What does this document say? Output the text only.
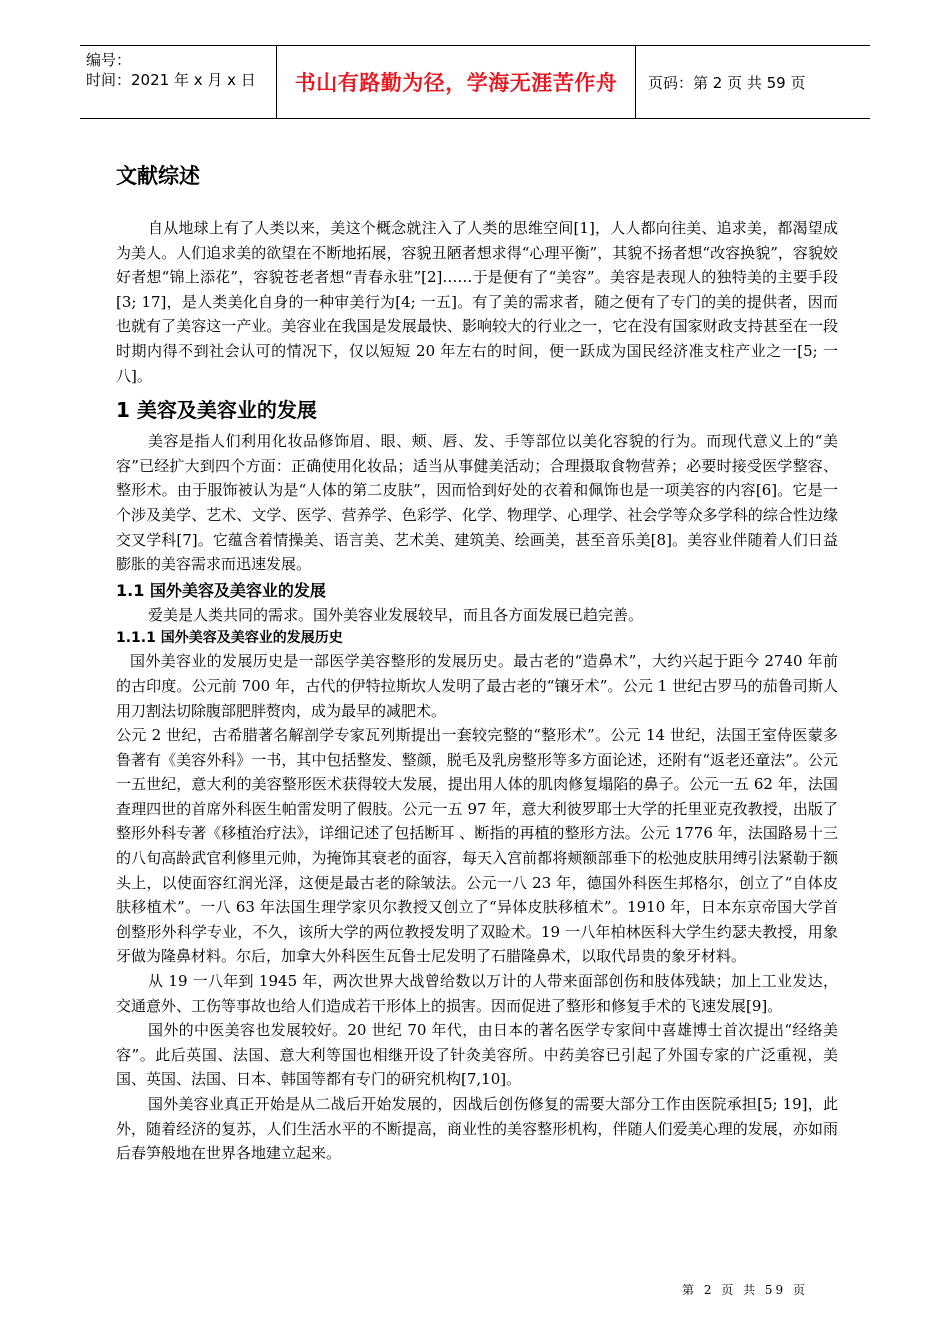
编号：
时间：2021 年 x 月 x 日	书山有路勤为径，学海无涯苦作舟	页码：第 2 页 共 59 页
文献综述

自从地球上有了人类以来，美这个概念就注入了人类的思维空间[1]，人人都向往美、追求美，都渴望成为美人。人们追求美的欲望在不断地拓展，容貌丑陋者想求得“心理平衡”，其貌不扬者想“改容换貌”，容貌姣好者想“锦上添花”，容貌苍老者想“青春永驻”[2]……于是便有了“美容”。美容是表现人的独特美的主要手段[3; 17]，是人类美化自身的一种审美行为[4; 一五]。有了美的需求者，随之便有了专门的美的提供者，因而也就有了美容这一产业。美容业在我国是发展最快、影响较大的行业之一，它在没有国家财政支持甚至在一段时期内得不到社会认可的情况下，仅以短短 20 年左右的时间，便一跃成为国民经济准支柱产业之一[5; 一八]。

1 美容及美容业的发展

美容是指人们利用化妆品修饰眉、眼、颊、唇、发、手等部位以美化容貌的行为。而现代意义上的“美容”已经扩大到四个方面：正确使用化妆品；适当从事健美活动；合理摄取食物营养；必要时接受医学整容、整形术。由于服饰被认为是“人体的第二皮肤”，因而恰到好处的衣着和佩饰也是一项美容的内容[6]。它是一个涉及美学、艺术、文学、医学、营养学、色彩学、化学、物理学、心理学、社会学等众多学科的综合性边缘交叉学科[7]。它蕴含着情操美、语言美、艺术美、建筑美、绘画美，甚至音乐美[8]。美容业伴随着人们日益膨胀的美容需求而迅速发展。

1.1 国外美容及美容业的发展

爱美是人类共同的需求。国外美容业发展较早，而且各方面发展已趋完善。

1.1.1 国外美容及美容业的发展历史

国外美容业的发展历史是一部医学美容整形的发展历史。最古老的“造鼻术”，大约兴起于距今 2740 年前的古印度。公元前 700 年，古代的伊特拉斯坎人发明了最古老的“镶牙术”。公元 1 世纪古罗马的茄鲁司斯人用刀割法切除腹部肥胖赘肉，成为最早的减肥术。

公元 2 世纪，古希腊著名解剖学专家瓦列斯提出一套较完整的“整形术”。公元 14 世纪，法国王室侍医蒙多鲁著有《美容外科》一书，其中包括整发、整颜，脱毛及乳房整形等多方面论述，还附有“返老还童法”。公元一五世纪，意大利的美容整形医术获得较大发展，提出用人体的肌肉修复塌陷的鼻子。公元一五 62 年，法国查理四世的首席外科医生帕雷发明了假肢。公元一五 97 年，意大利彼罗耶士大学的托里亚克孜教授，出版了整形外科专著《移植治疗法》，详细记述了包括断耳 、断指的再植的整形方法。公元 1776 年，法国路易十三的八旬高龄武官利修里元帅，为掩饰其衰老的面容，每天入宫前都将颊额部垂下的松弛皮肤用缚引法紧勒于额头上，以使面容红润光泽，这便是最古老的除皱法。公元一八 23 年，德国外科医生邦格尔，创立了“自体皮肤移植术”。一八 63 年法国生理学家贝尔教授又创立了“异体皮肤移植术”。1910 年，日本东京帝国大学首创整形外科学专业，不久，该所大学的两位教授发明了双睑术。19 一八年柏林医科大学生约瑟夫教授，用象牙做为隆鼻材料。尔后，加拿大外科医生瓦鲁士尼发明了石腊隆鼻术，以取代昂贵的象牙材料。

从 19 一八年到 1945 年，两次世界大战曾给数以万计的人带来面部创伤和肢体残缺；加上工业发达，交通意外、工伤等事故也给人们造成若干形体上的损害。因而促进了整形和修复手术的飞速发展[9]。

国外的中医美容也发展较好。20 世纪 70 年代，由日本的著名医学专家间中喜雄博士首次提出“经络美容”。此后英国、法国、意大利等国也相继开设了针灸美容所。中药美容已引起了外国专家的广泛重视，美国、英国、法国、日本、韩国等都有专门的研究机构[7,10]。

国外美容业真正开始是从二战后开始发展的，因战后创伤修复的需要大部分工作由医院承担[5; 19]，此外，随着经济的复苏，人们生活水平的不断提高，商业性的美容整形机构，伴随人们爱美心理的发展，亦如雨后春笋般地在世界各地建立起来。

第 2 页 共 59 页
